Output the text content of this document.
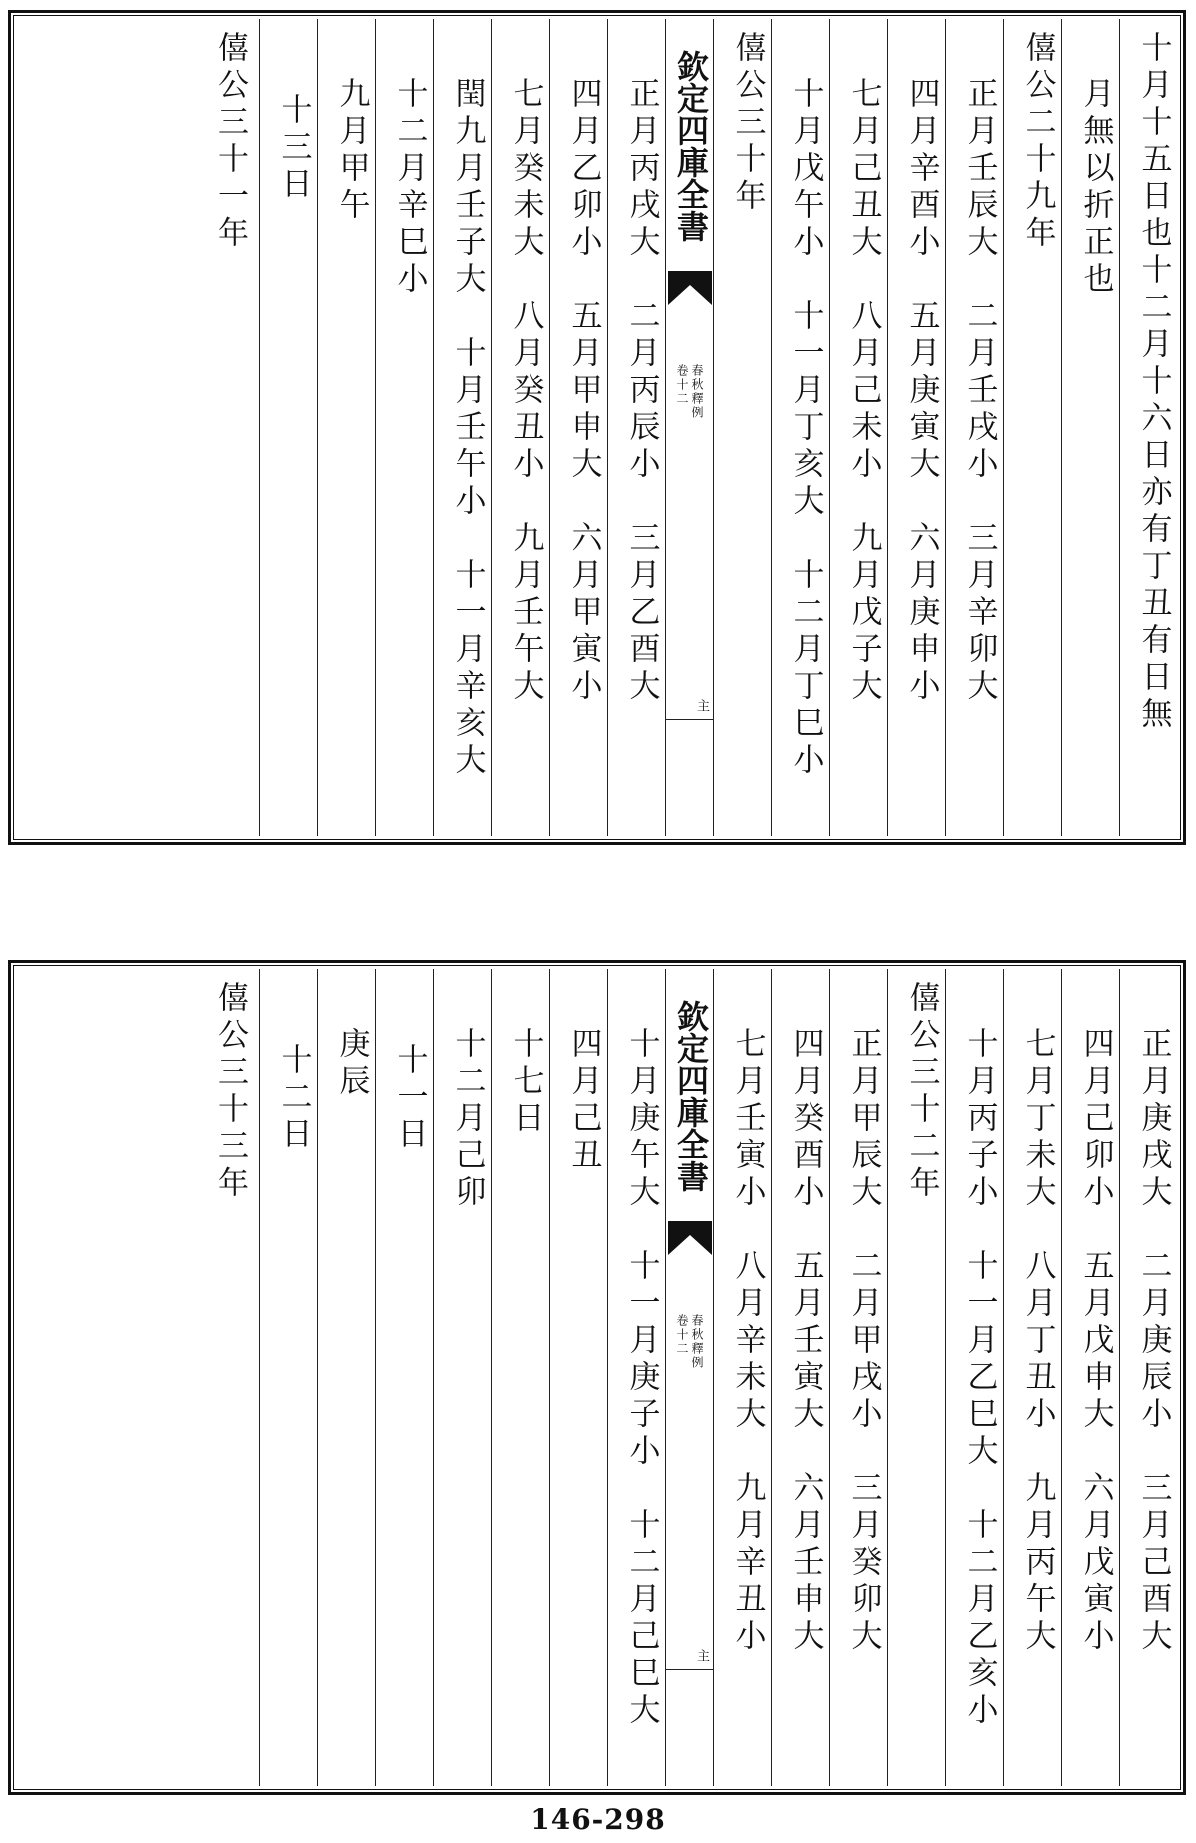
十月十五日也十二月十六日亦有丁丑有日無
月無以折正也
僖公二十九年
正月壬辰大　二月壬戌小　三月辛卯大
四月辛酉小　五月庚寅大　六月庚申小
七月己丑大　八月己未小　九月戊子大
十月戊午小　十一月丁亥大　十二月丁巳小
僖公三十年
欽定四庫全書
春秋釋例
卷十二
主
正月丙戌大　二月丙辰小　三月乙酉大
四月乙卯小　五月甲申大　六月甲寅小
七月癸未大　八月癸丑小　九月壬午大
閏九月壬子大　十月壬午小　十一月辛亥大
十二月辛巳小
九月甲午
十三日
僖公三十一年
正月庚戌大　二月庚辰小　三月己酉大
四月己卯小　五月戊申大　六月戊寅小
七月丁未大　八月丁丑小　九月丙午大
十月丙子小　十一月乙巳大　十二月乙亥小
僖公三十二年
正月甲辰大　二月甲戌小　三月癸卯大
四月癸酉小　五月壬寅大　六月壬申大
七月壬寅小　八月辛未大　九月辛丑小
欽定四庫全書
春秋釋例
卷十二
主
十月庚午大　十一月庚子小　十二月己巳大
四月己丑
十七日
十二月己卯
十一日
庚辰
十二日
僖公三十三年
146-298
